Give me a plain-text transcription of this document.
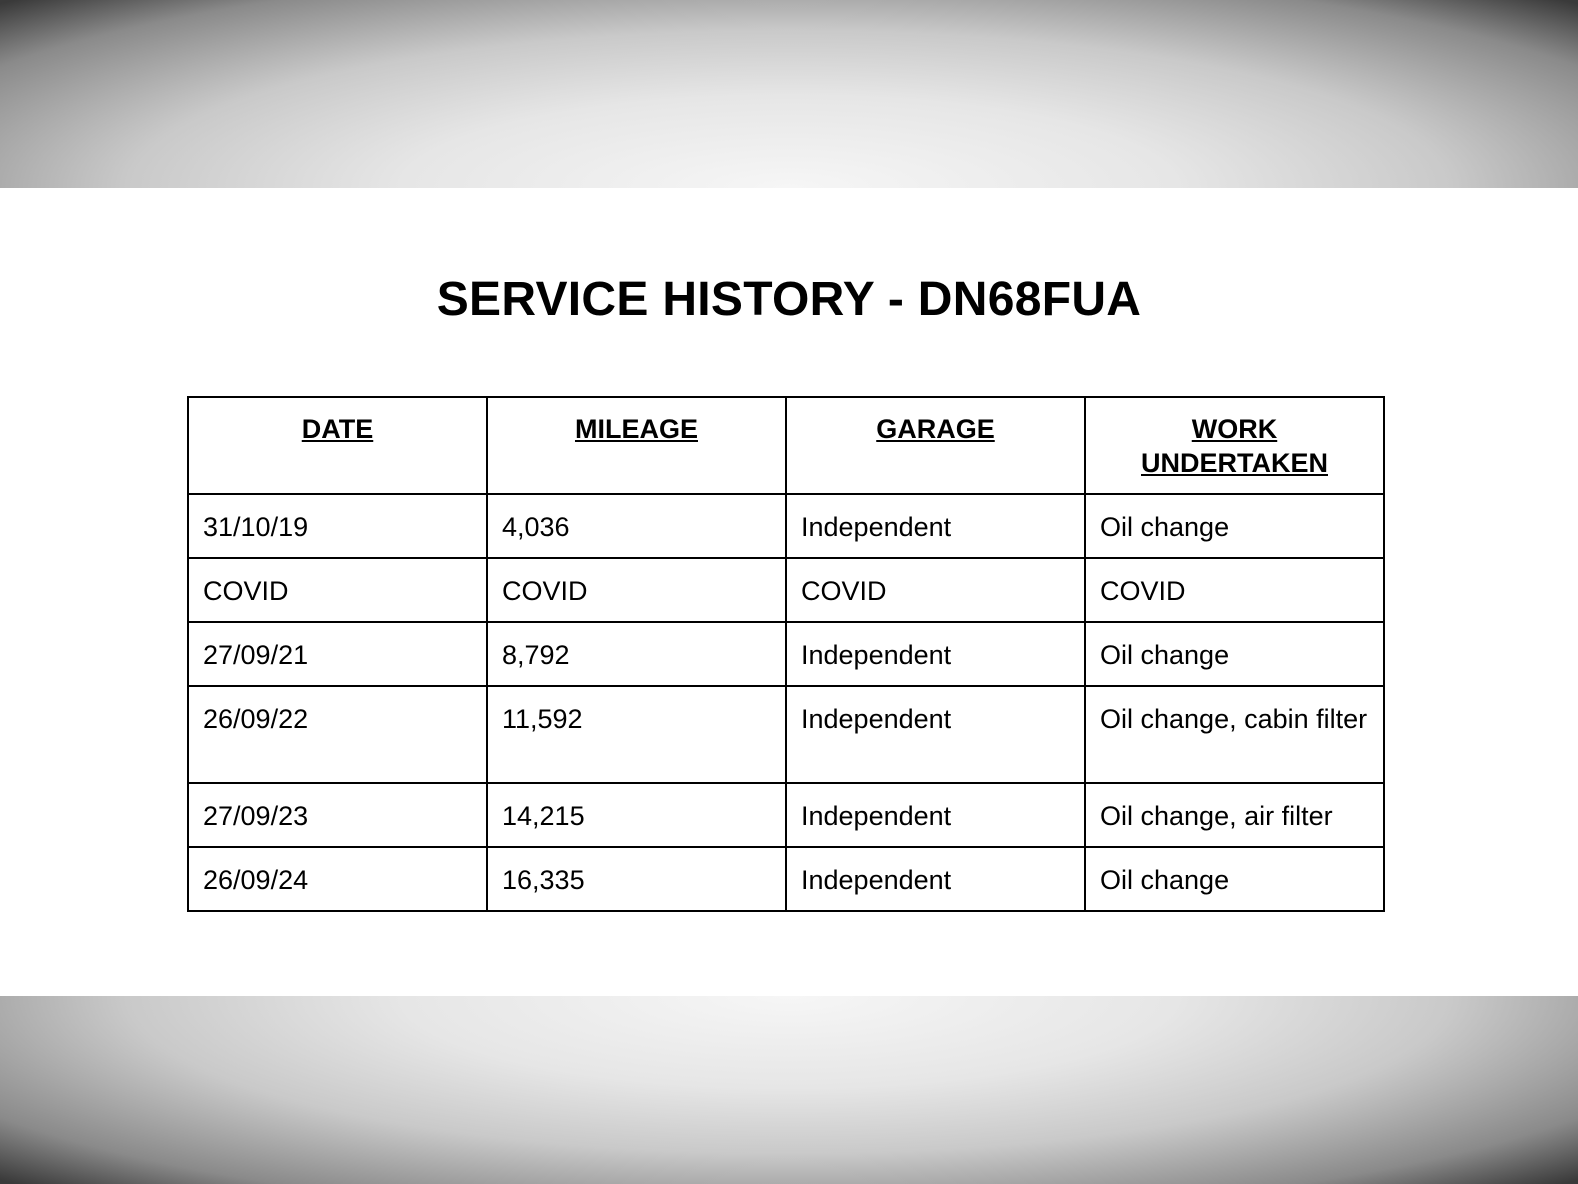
SERVICE HISTORY - DN68FUA
DATE	MILEAGE	GARAGE	WORK UNDERTAKEN
31/10/19	4,036	Independent	Oil change
COVID	COVID	COVID	COVID
27/09/21	8,792	Independent	Oil change
26/09/22	11,592	Independent	Oil change, cabin filter
27/09/23	14,215	Independent	Oil change, air filter
26/09/24	16,335	Independent	Oil change
